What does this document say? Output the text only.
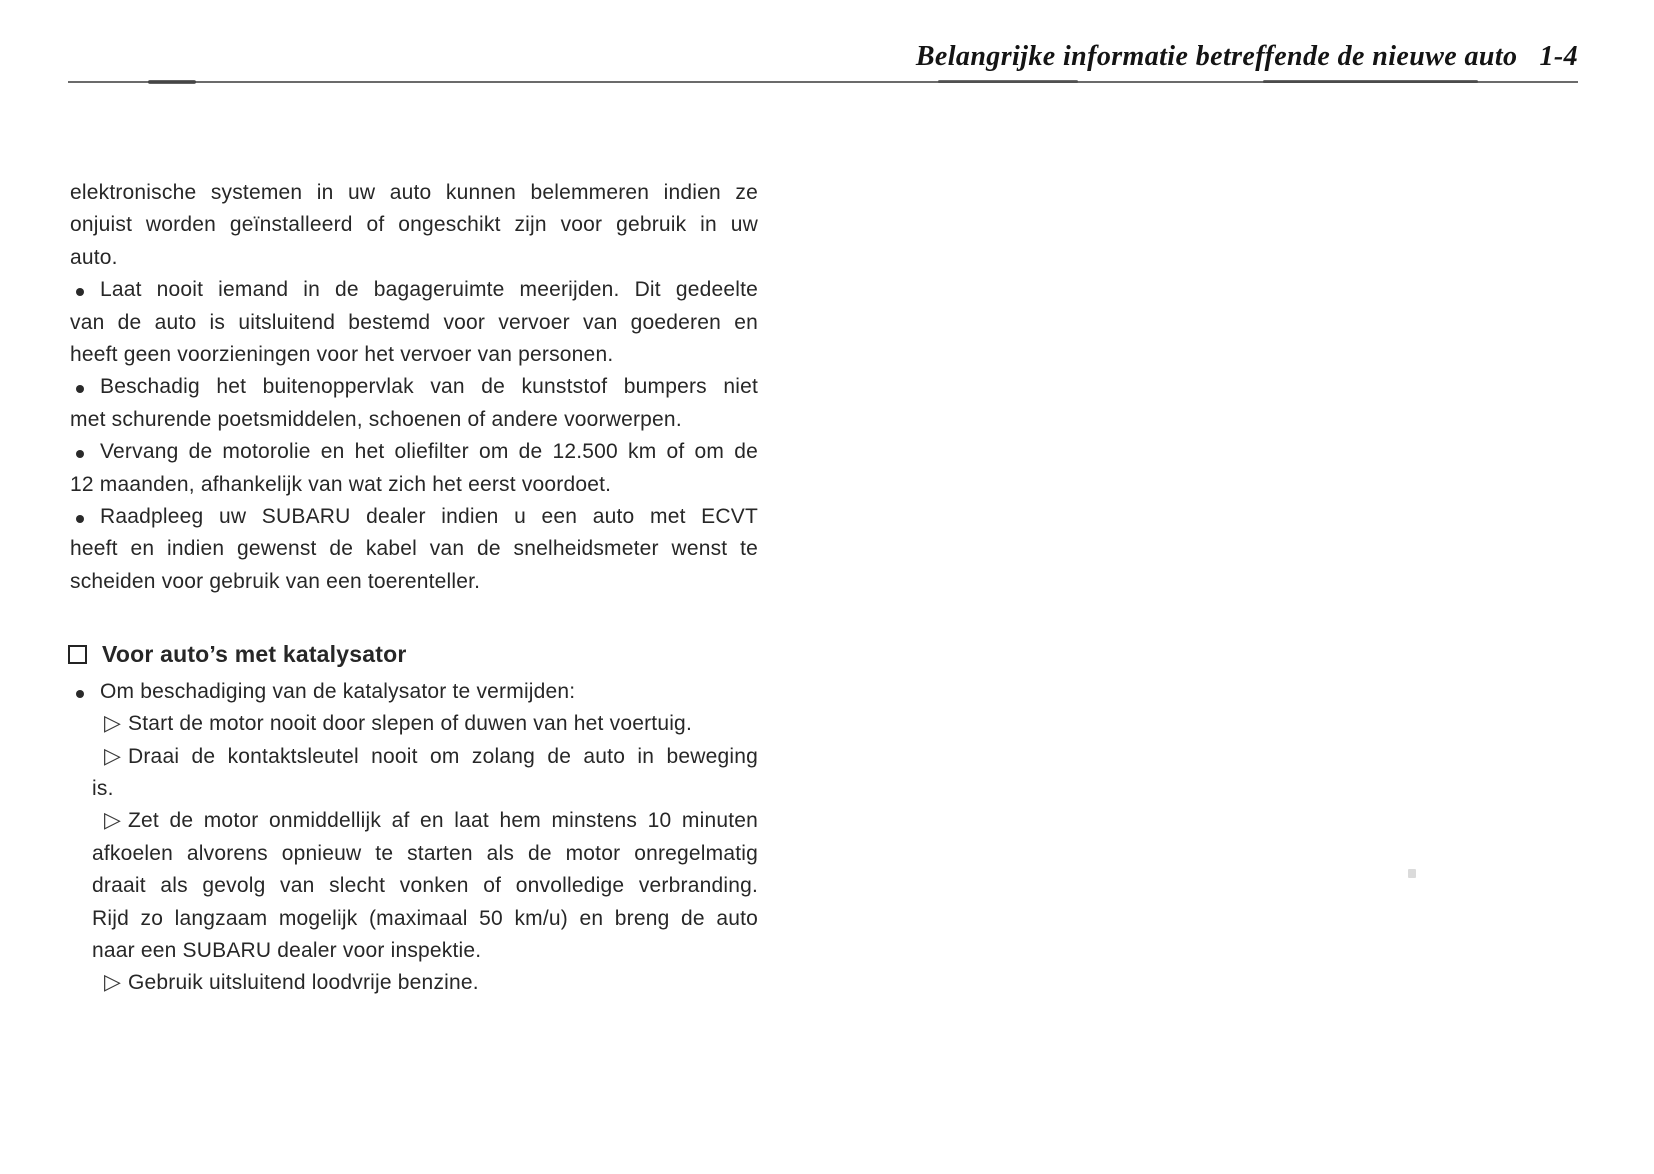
Belangrijke informatie betreffende de nieuwe auto 1-4
elektronische systemen in uw auto kunnen belemmeren indien ze
onjuist worden geïnstalleerd of ongeschikt zijn voor gebruik in uw
auto.
Laat nooit iemand in de bagageruimte meerijden. Dit gedeelte
van de auto is uitsluitend bestemd voor vervoer van goederen en
heeft geen voorzieningen voor het vervoer van personen.
Beschadig het buitenoppervlak van de kunststof bumpers niet
met schurende poetsmiddelen, schoenen of andere voorwerpen.
Vervang de motorolie en het oliefilter om de 12.500 km of om de
12 maanden, afhankelijk van wat zich het eerst voordoet.
Raadpleeg uw SUBARU dealer indien u een auto met ECVT
heeft en indien gewenst de kabel van de snelheidsmeter wenst te
scheiden voor gebruik van een toerenteller.
Voor auto’s met katalysator
Om beschadiging van de katalysator te vermijden:
Start de motor nooit door slepen of duwen van het voertuig.
▷
Draai de kontaktsleutel nooit om zolang de auto in beweging
is.
▷
Zet de motor onmiddellijk af en laat hem minstens 10 minuten
afkoelen alvorens opnieuw te starten als de motor onregelmatig
draait als gevolg van slecht vonken of onvolledige verbranding.
Rijd zo langzaam mogelijk (maximaal 50 km/u) en breng de auto
naar een SUBARU dealer voor inspektie.
▷
Gebruik uitsluitend loodvrije benzine.
▷
